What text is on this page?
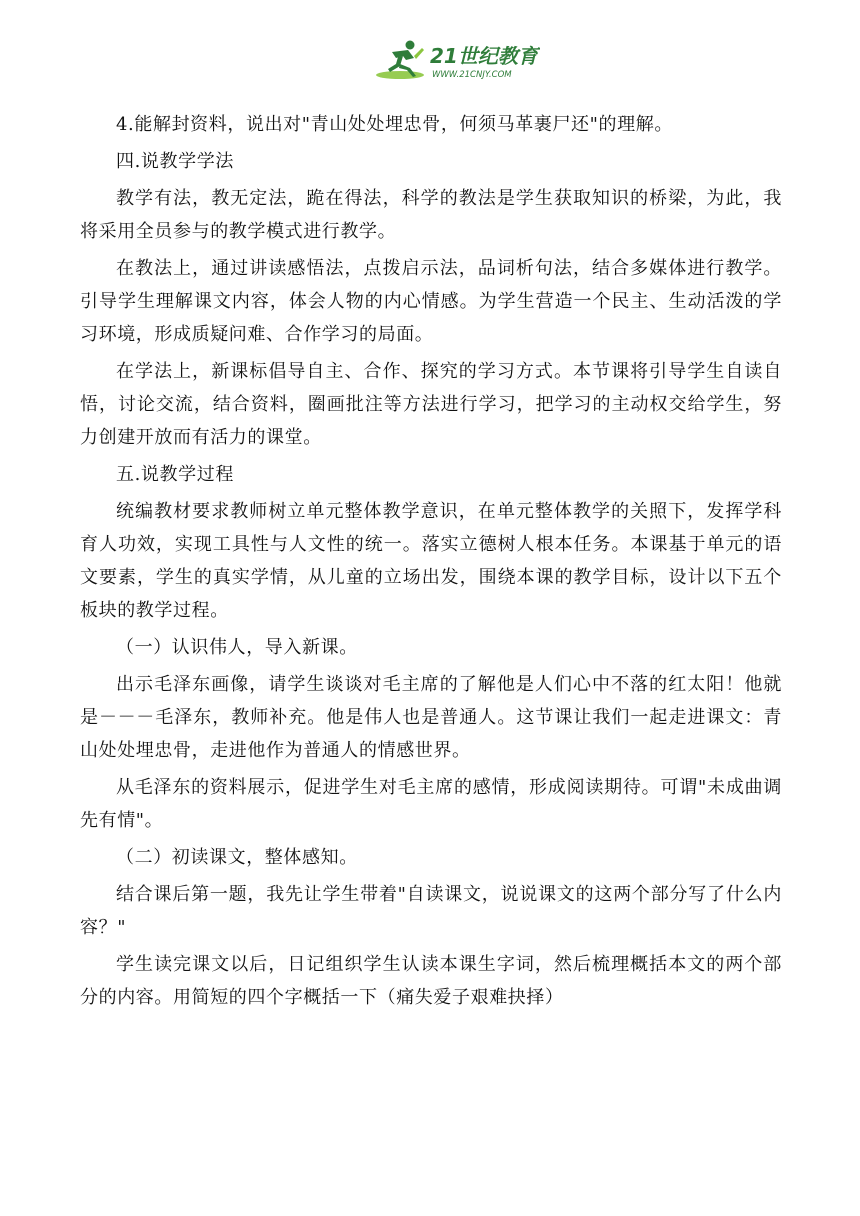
21世纪教育
WWW.21CNJY.COM

4.能解封资料，说出对"青山处处埋忠骨，何须马革裹尸还"的理解。

四.说教学学法

教学有法，教无定法，跪在得法，科学的教法是学生获取知识的桥梁，为此，我将采用全员参与的教学模式进行教学。

在教法上，通过讲读感悟法，点拨启示法，品词析句法，结合多媒体进行教学。引导学生理解课文内容，体会人物的内心情感。为学生营造一个民主、生动活泼的学习环境，形成质疑问难、合作学习的局面。

在学法上，新课标倡导自主、合作、探究的学习方式。本节课将引导学生自读自悟，讨论交流，结合资料，圈画批注等方法进行学习，把学习的主动权交给学生，努力创建开放而有活力的课堂。

五.说教学过程

统编教材要求教师树立单元整体教学意识，在单元整体教学的关照下，发挥学科育人功效，实现工具性与人文性的统一。落实立德树人根本任务。本课基于单元的语文要素，学生的真实学情，从儿童的立场出发，围绕本课的教学目标，设计以下五个板块的教学过程。

（一）认识伟人，导入新课。

出示毛泽东画像，请学生谈谈对毛主席的了解他是人们心中不落的红太阳！他就是－－－毛泽东，教师补充。他是伟人也是普通人。这节课让我们一起走进课文：青山处处埋忠骨，走进他作为普通人的情感世界。

从毛泽东的资料展示，促进学生对毛主席的感情，形成阅读期待。可谓"未成曲调先有情"。

（二）初读课文，整体感知。

结合课后第一题，我先让学生带着"自读课文，说说课文的这两个部分写了什么内容？"

学生读完课文以后，日记组织学生认读本课生字词，然后梳理概括本文的两个部分的内容。用简短的四个字概括一下（痛失爱子艰难抉择）
